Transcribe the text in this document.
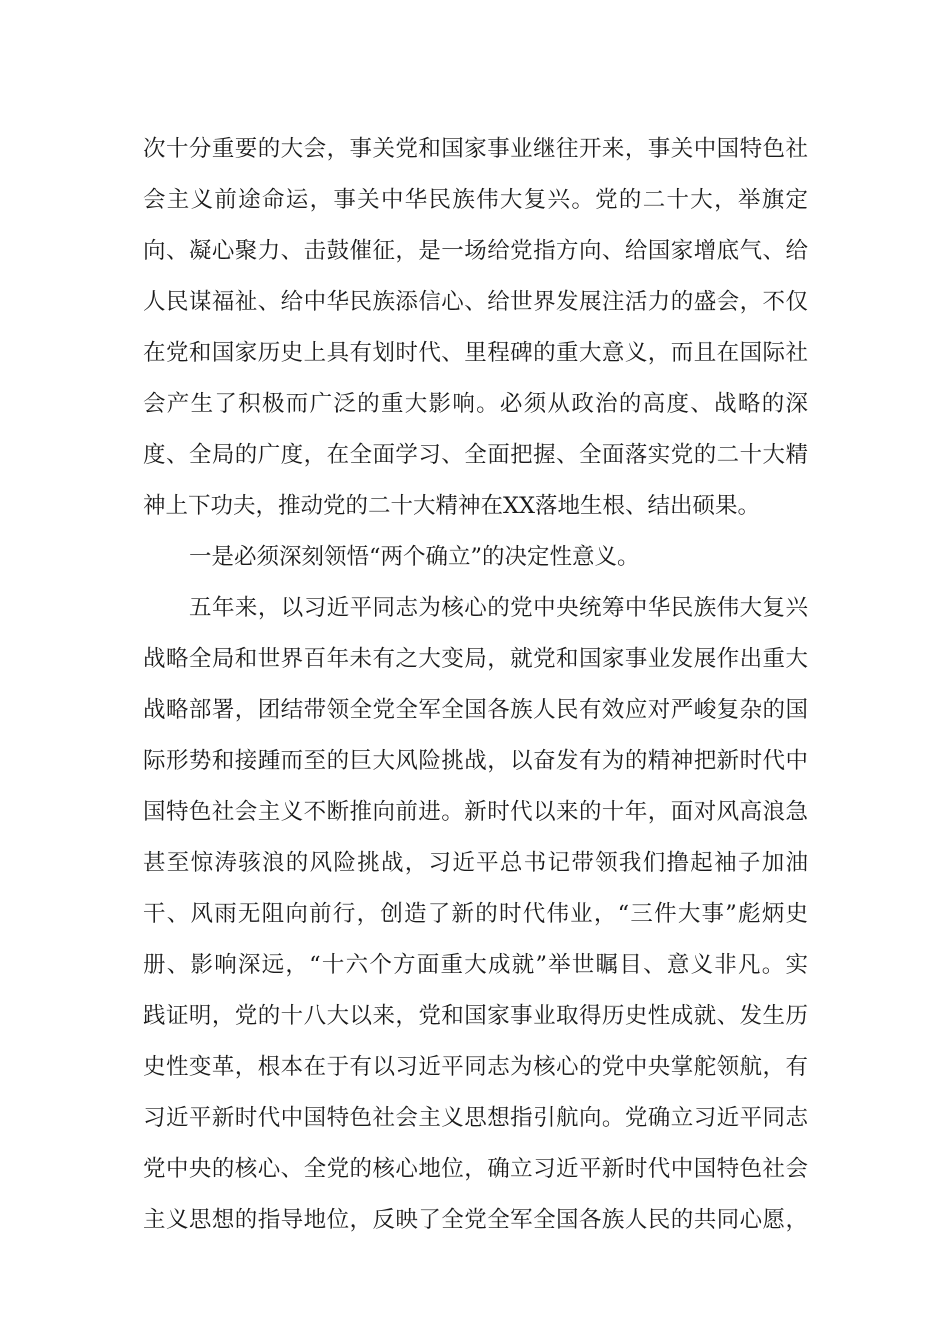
次十分重要的大会，事关党和国家事业继往开来，事关中国特色社
会主义前途命运，事关中华民族伟大复兴。党的二十大，举旗定
向、凝心聚力、击鼓催征，是一场给党指方向、给国家增底气、给
人民谋福祉、给中华民族添信心、给世界发展注活力的盛会，不仅
在党和国家历史上具有划时代、里程碑的重大意义，而且在国际社
会产生了积极而广泛的重大影响。必须从政治的高度、战略的深
度、全局的广度，在全面学习、全面把握、全面落实党的二十大精
神上下功夫，推动党的二十大精神在XX落地生根、结出硕果。
一是必须深刻领悟“两个确立”的决定性意义。
五年来，以习近平同志为核心的党中央统筹中华民族伟大复兴
战略全局和世界百年未有之大变局，就党和国家事业发展作出重大
战略部署，团结带领全党全军全国各族人民有效应对严峻复杂的国
际形势和接踵而至的巨大风险挑战，以奋发有为的精神把新时代中
国特色社会主义不断推向前进。新时代以来的十年，面对风高浪急
甚至惊涛骇浪的风险挑战，习近平总书记带领我们撸起袖子加油
干、风雨无阻向前行，创造了新的时代伟业，“三件大事”彪炳史
册、影响深远，“十六个方面重大成就”举世瞩目、意义非凡。实
践证明，党的十八大以来，党和国家事业取得历史性成就、发生历
史性变革，根本在于有以习近平同志为核心的党中央掌舵领航，有
习近平新时代中国特色社会主义思想指引航向。党确立习近平同志
党中央的核心、全党的核心地位，确立习近平新时代中国特色社会
主义思想的指导地位，反映了全党全军全国各族人民的共同心愿，
